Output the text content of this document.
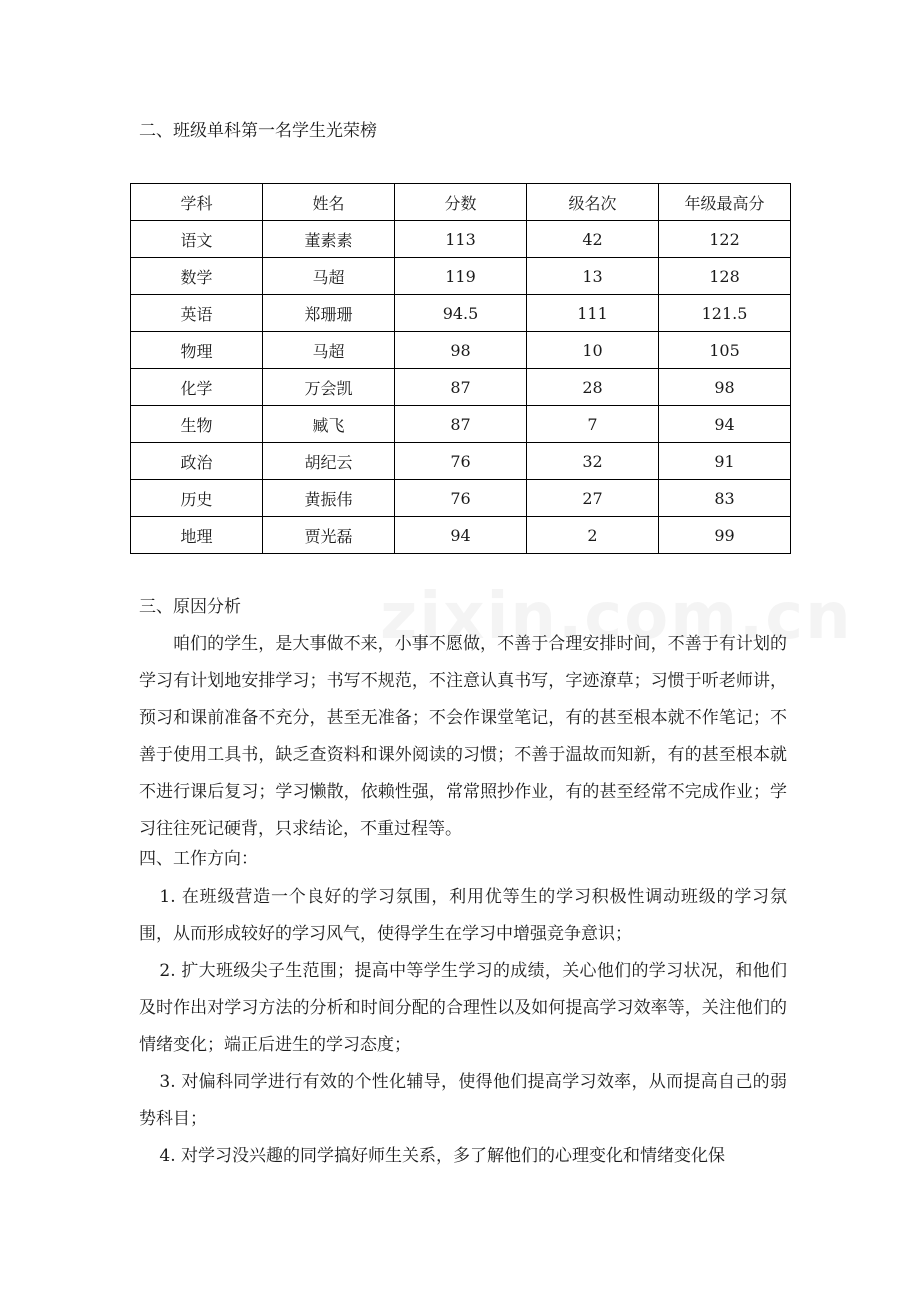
二、班级单科第一名学生光荣榜
学科	姓名	分数	级名次	年级最高分
语文	董素素	113	42	122
数学	马超	119	13	128
英语	郑珊珊	94.5	111	121.5
物理	马超	98	10	105
化学	万会凯	87	28	98
生物	臧飞	87	7	94
政治	胡纪云	76	32	91
历史	黄振伟	76	27	83
地理	贾光磊	94	2	99
三、原因分析
咱们的学生，是大事做不来，小事不愿做，不善于合理安排时间，不善于有计划的学习有计划地安排学习；书写不规范，不注意认真书写，字迹潦草；习惯于听老师讲，预习和课前准备不充分，甚至无准备；不会作课堂笔记，有的甚至根本就不作笔记；不善于使用工具书，缺乏查资料和课外阅读的习惯；不善于温故而知新，有的甚至根本就不进行课后复习；学习懒散，依赖性强，常常照抄作业，有的甚至经常不完成作业；学习往往死记硬背，只求结论，不重过程等。
四、工作方向：

1. 在班级营造一个良好的学习氛围，利用优等生的学习积极性调动班级的学习氛围，从而形成较好的学习风气，使得学生在学习中增强竞争意识；

2. 扩大班级尖子生范围；提高中等学生学习的成绩，关心他们的学习状况，和他们及时作出对学习方法的分析和时间分配的合理性以及如何提高学习效率等，关注他们的情绪变化；端正后进生的学习态度；

3. 对偏科同学进行有效的个性化辅导，使得他们提高学习效率，从而提高自己的弱势科目；

4. 对学习没兴趣的同学搞好师生关系，多了解他们的心理变化和情绪变化保
